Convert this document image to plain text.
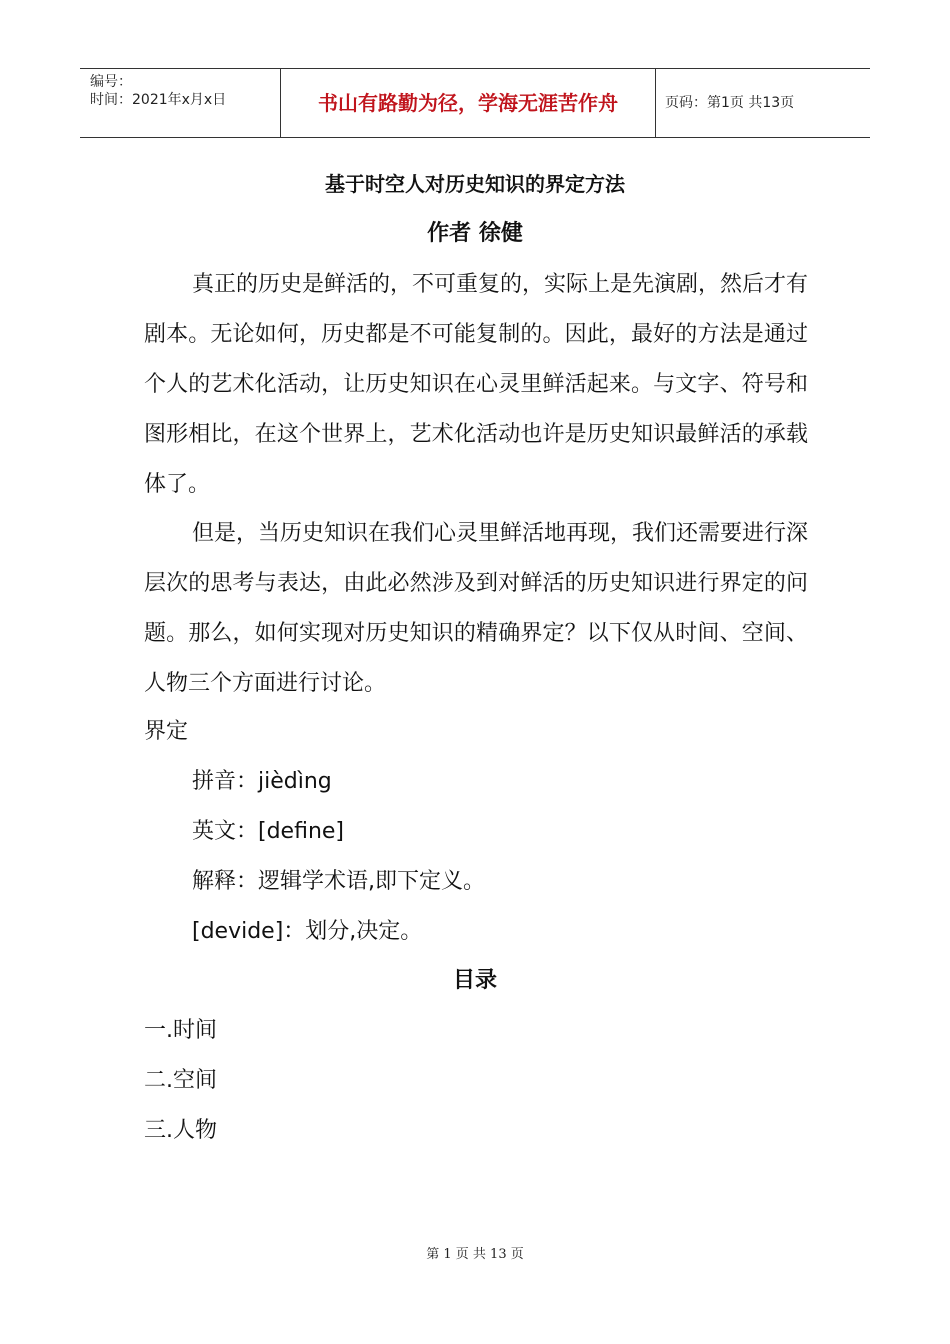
编号：
时间：2021年x月x日	书山有路勤为径，学海无涯苦作舟	页码：第1页 共13页
基于时空人对历史知识的界定方法
作者 徐健

真正的历史是鲜活的，不可重复的，实际上是先演剧，然后才有剧本。无论如何，历史都是不可能复制的。因此，最好的方法是通过个人的艺术化活动，让历史知识在心灵里鲜活起来。与文字、符号和图形相比，在这个世界上，艺术化活动也许是历史知识最鲜活的承载体了。

但是，当历史知识在我们心灵里鲜活地再现，我们还需要进行深层次的思考与表达，由此必然涉及到对鲜活的历史知识进行界定的问题。那么，如何实现对历史知识的精确界定？以下仅从时间、空间、人物三个方面进行讨论。

界定
拼音：jièdìng
英文：[define]
解释：逻辑学术语,即下定义。
[devide]：划分,决定。
目录
一.时间
二.空间
三.人物
第 1 页 共 13 页
